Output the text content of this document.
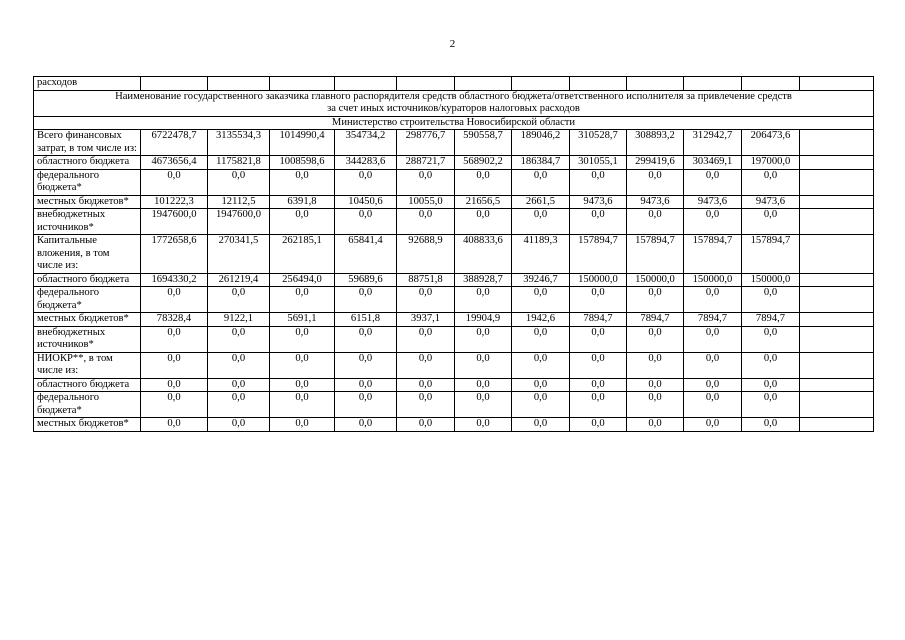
2
расходов												

Наименование государственного заказчика главного распорядителя средств областного бюджета/ответственного исполнителя за привлечение средств
за счет иных источников/кураторов налоговых расходов												

Министерство строительства Новосибирской области												
Всего финансовых затрат, в том числе из:	6722478,7	3135534,3	1014990,4	354734,2	298776,7	590558,7	189046,2	310528,7	308893,2	312942,7	206473,6	
областного бюджета	4673656,4	1175821,8	1008598,6	344283,6	288721,7	568902,2	186384,7	301055,1	299419,6	303469,1	197000,0	
федерального бюджета*	0,0	0,0	0,0	0,0	0,0	0,0	0,0	0,0	0,0	0,0	0,0	
местных бюджетов*	101222,3	12112,5	6391,8	10450,6	10055,0	21656,5	2661,5	9473,6	9473,6	9473,6	9473,6	
внебюджетных источников*	1947600,0	1947600,0	0,0	0,0	0,0	0,0	0,0	0,0	0,0	0,0	0,0	
Капитальные вложения, в том числе из:	1772658,6	270341,5	262185,1	65841,4	92688,9	408833,6	41189,3	157894,7	157894,7	157894,7	157894,7	
областного бюджета	1694330,2	261219,4	256494,0	59689,6	88751,8	388928,7	39246,7	150000,0	150000,0	150000,0	150000,0	
федерального бюджета*	0,0	0,0	0,0	0,0	0,0	0,0	0,0	0,0	0,0	0,0	0,0	
местных бюджетов*	78328,4	9122,1	5691,1	6151,8	3937,1	19904,9	1942,6	7894,7	7894,7	7894,7	7894,7	
внебюджетных источников*	0,0	0,0	0,0	0,0	0,0	0,0	0,0	0,0	0,0	0,0	0,0	
НИОКР**, в том числе из:	0,0	0,0	0,0	0,0	0,0	0,0	0,0	0,0	0,0	0,0	0,0	
областного бюджета	0,0	0,0	0,0	0,0	0,0	0,0	0,0	0,0	0,0	0,0	0,0	
федерального бюджета*	0,0	0,0	0,0	0,0	0,0	0,0	0,0	0,0	0,0	0,0	0,0	
местных бюджетов*	0,0	0,0	0,0	0,0	0,0	0,0	0,0	0,0	0,0	0,0	0,0	
